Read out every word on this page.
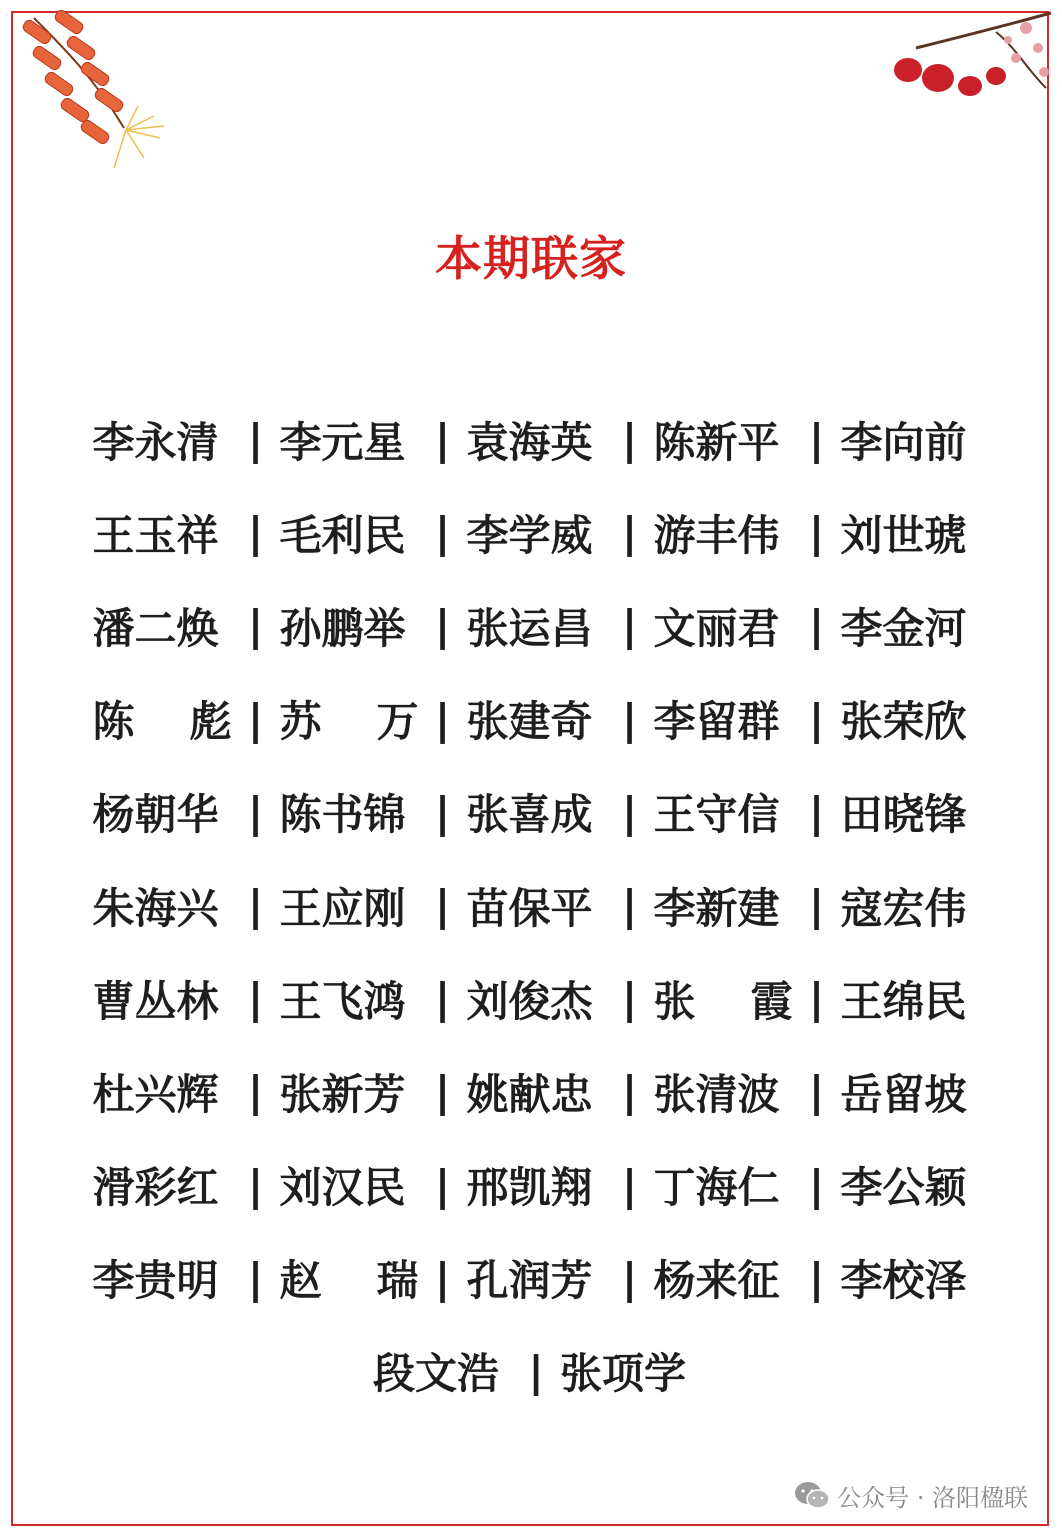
本期联家
李永清 | 李元星 | 袁海英 | 陈新平 | 李向前
王玉祥 | 毛利民 | 李学威 | 游丰伟 | 刘世琥
潘二焕 | 孙鹏举 | 张运昌 | 文丽君 | 李金河
陈 彪 | 苏 万 | 张建奇 | 李留群 | 张荣欣
杨朝华 | 陈书锦 | 张喜成 | 王守信 | 田晓锋
朱海兴 | 王应刚 | 苗保平 | 李新建 | 寇宏伟
曹丛林 | 王飞鸿 | 刘俊杰 | 张 霞 | 王绵民
杜兴辉 | 张新芳 | 姚献忠 | 张清波 | 岳留坡
滑彩红 | 刘汉民 | 邢凯翔 | 丁海仁 | 李公颖
李贵明 | 赵 瑞 | 孔润芳 | 杨来征 | 李校泽
段文浩 | 张项学
公众号 · 洛阳楹联
